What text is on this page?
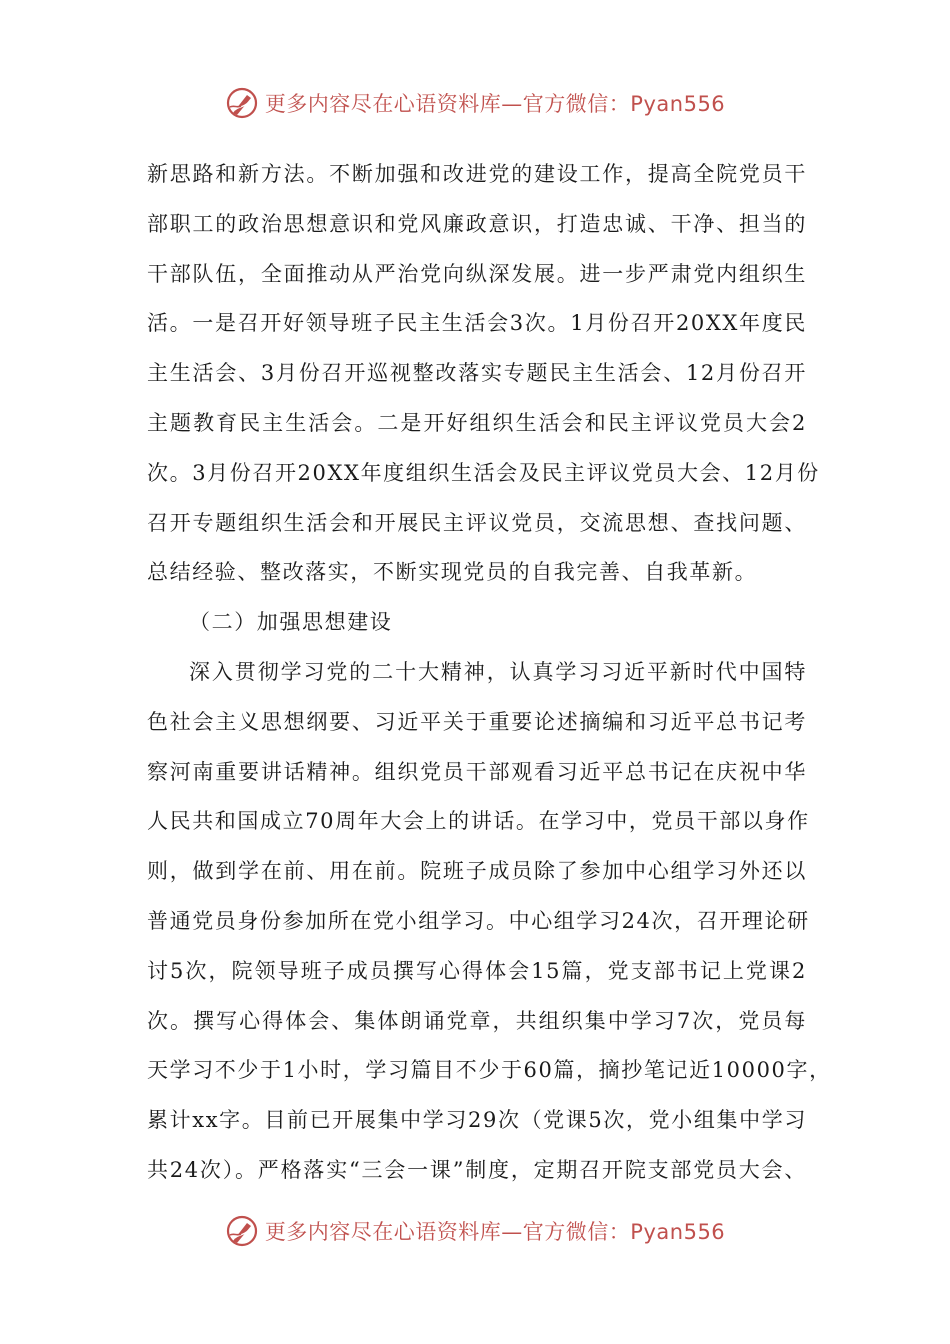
更多内容尽在心语资料库—官方微信：Pyan556
新思路和新方法。不断加强和改进党的建设工作，提高全院党员干
部职工的政治思想意识和党风廉政意识，打造忠诚、干净、担当的
干部队伍，全面推动从严治党向纵深发展。进一步严肃党内组织生
活。一是召开好领导班子民主生活会3次。1月份召开20XX年度民
主生活会、3月份召开巡视整改落实专题民主生活会、12月份召开
主题教育民主生活会。二是开好组织生活会和民主评议党员大会2
次。3月份召开20XX年度组织生活会及民主评议党员大会、12月份
召开专题组织生活会和开展民主评议党员，交流思想、查找问题、
总结经验、整改落实，不断实现党员的自我完善、自我革新。
（二）加强思想建设
深入贯彻学习党的二十大精神，认真学习习近平新时代中国特
色社会主义思想纲要、习近平关于重要论述摘编和习近平总书记考
察河南重要讲话精神。组织党员干部观看习近平总书记在庆祝中华
人民共和国成立70周年大会上的讲话。在学习中，党员干部以身作
则，做到学在前、用在前。院班子成员除了参加中心组学习外还以
普通党员身份参加所在党小组学习。中心组学习24次，召开理论研
讨5次，院领导班子成员撰写心得体会15篇，党支部书记上党课2
次。撰写心得体会、集体朗诵党章，共组织集中学习7次，党员每
天学习不少于1小时，学习篇目不少于60篇，摘抄笔记近10000字，
累计xx字。目前已开展集中学习29次（党课5次，党小组集中学习
共24次）。严格落实“三会一课”制度，定期召开院支部党员大会、
更多内容尽在心语资料库—官方微信：Pyan556
